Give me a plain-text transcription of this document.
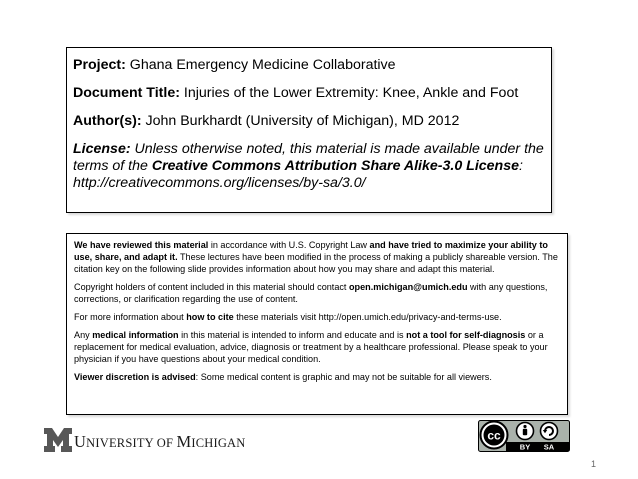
Project: Ghana Emergency Medicine Collaborative
Document Title: Injuries of the Lower Extremity: Knee, Ankle and Foot
Author(s): John Burkhardt (University of Michigan), MD 2012
License: Unless otherwise noted, this material is made available under the terms of the Creative Commons Attribution Share Alike-3.0 License: http://creativecommons.org/licenses/by-sa/3.0/

We have reviewed this material in accordance with U.S. Copyright Law and have tried to maximize your ability to use, share, and adapt it. These lectures have been modified in the process of making a publicly shareable version. The citation key on the following slide provides information about how you may share and adapt this material.

Copyright holders of content included in this material should contact open.michigan@umich.edu with any questions, corrections, or clarification regarding the use of content.

For more information about how to cite these materials visit http://open.umich.edu/privacy-and-terms-use.

Any medical information in this material is intended to inform and educate and is not a tool for self-diagnosis or a replacement for medical evaluation, advice, diagnosis or treatment by a healthcare professional. Please speak to your physician if you have questions about your medical condition.

Viewer discretion is advised: Some medical content is graphic and may not be suitable for all viewers.

UNIVERSITY OF MICHIGAN
cc
BY SA
1
